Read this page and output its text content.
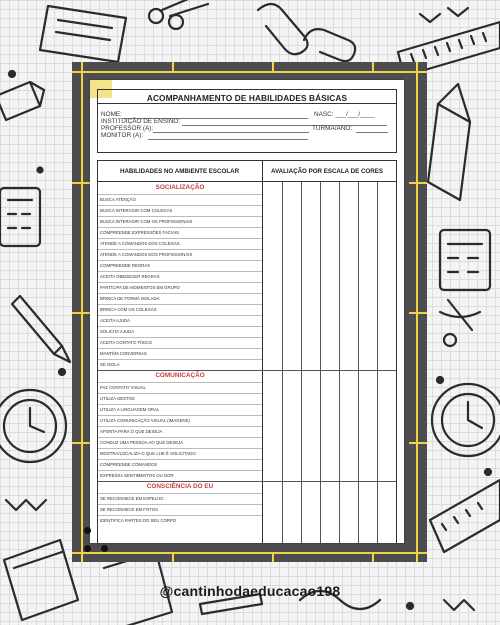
ACOMPANHAMENTO DE HABILIDADES BÁSICAS
NOME:	NASC: ___/___/____
INSTITUIÇÃO DE ENSINO:
PROFESSOR (A):	TURMA/ANO:
MONITOR (A):
HABILIDADES NO AMBIENTE ESCOLAR	AVALIAÇÃO POR ESCALA DE CORES
SOCIALIZAÇÃO
BUSCA ATENÇÃO
BUSCA INTERAGIR COM COLEGAS
BUSCA INTERAGIR COM OS PROFISSIONAIS
COMPREENDE EXPRESSÕES FACIAIS
ATENDE A COMANDOS DOS COLEGAS
ATENDE A COMANDOS DOS PROFISSIONAIS
COMPREENDE REGRAS
ACEITA OBEDECER REGRAS
PARTICIPA DE MOMENTOS EM GRUPO
BRINCA DE FORMA ISOLADA
BRINCA COM OS COLEGAS
ACEITA AJUDA
SOLICITA AJUDA
ACEITA CONTATO FÍSICO
MANTÉM CONVERSAS
SE ISOLA
COMUNICAÇÃO
FAZ CONTATO VISUAL
UTILIZA GESTOS
UTILIZA A LINGUAGEM ORAL
UTILIZA COMUNICAÇÃO VISUAL (IMAGENS)
APONTA PARA O QUE DESEJA
CONDUZ UMA PESSOA AO QUE DESEJA
MOSTRA/LOCALIZA O QUE LHE É SOLICITADO
COMPREENDE COMANDOS
EXPRESSA SENTIMENTOS OU DOR
CONSCIÊNCIA DO EU
SE RECONHECE EM ESPELHO
SE RECONHECE EM FOTOS
IDENTIFICA PARTES DO SEU CORPO
@cantinhodaeducacao198
